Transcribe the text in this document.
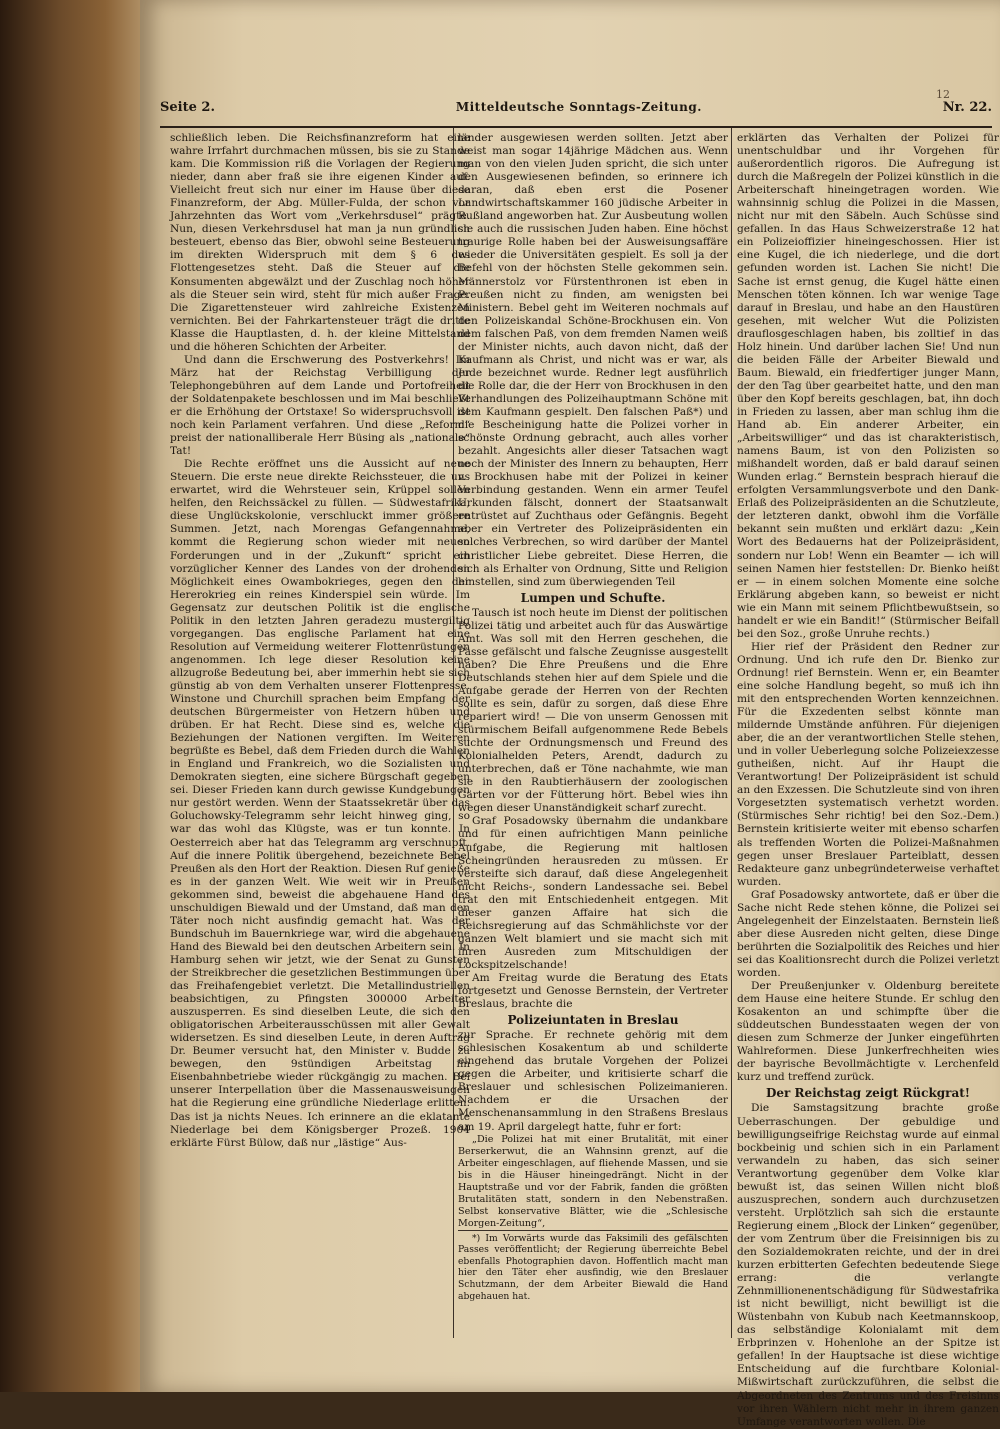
12
Seite 2.	Mitteldeutsche Sonntags-Zeitung.	Nr. 22.

schließlich leben. Die Reichsfinanzreform hat eine wahre Irrfahrt durchmachen müssen, bis sie zu Stande kam. Die Kommission riß die Vorlagen der Regierung nieder, dann aber fraß sie ihre eigenen Kinder auf. Vielleicht freut sich nur einer im Hause über diese Finanzreform, der Abg. Müller-Fulda, der schon vor Jahrzehnten das Wort vom „Verkehrsdusel“ prägte. Nun, diesen Verkehrsdusel hat man ja nun gründlich besteuert, ebenso das Bier, obwohl seine Besteuerung im direkten Widerspruch mit dem § 6 des Flottengesetzes steht. Daß die Steuer auf die Konsumenten abgewälzt und der Zuschlag noch höher als die Steuer sein wird, steht für mich außer Frage. Die Zigarettensteuer wird zahlreiche Existenzen vernichten. Bei der Fahrkartensteuer trägt die dritte Klasse die Hauptlasten, d. h. der kleine Mittelstand und die höheren Schichten der Arbeiter.

Und dann die Erschwerung des Postverkehrs! Im März hat der Reichstag Verbilligung der Telephongebühren auf dem Lande und Portofreiheit der Soldatenpakete beschlossen und im Mai beschließt er die Erhöhung der Ortstaxe! So widerspruchsvoll ist noch kein Parlament verfahren. Und diese „Reform“ preist der nationalliberale Herr Büsing als „nationale“ Tat!

Die Rechte eröffnet uns die Aussicht auf neue Steuern. Die erste neue direkte Reichssteuer, die uns erwartet, wird die Wehrsteuer sein, Krüppel sollen helfen, den Reichssäckel zu füllen. — Südwestafrika, diese Unglückskolonie, verschluckt immer größere Summen. Jetzt, nach Morengas Gefangennahme, kommt die Regierung schon wieder mit neuen Forderungen und in der „Zukunft“ spricht ein vorzüglicher Kenner des Landes von der drohenden Möglichkeit eines Owambokrieges, gegen den der Hererokrieg ein reines Kinderspiel sein würde. Im Gegensatz zur deutschen Politik ist die englische Politik in den letzten Jahren geradezu mustergiltig vorgegangen. Das englische Parlament hat eine Resolution auf Vermeidung weiterer Flottenrüstungen angenommen. Ich lege dieser Resolution keine allzugroße Bedeutung bei, aber immerhin hebt sie sich günstig ab von dem Verhalten unserer Flottenpresse. Winstone und Churchill sprachen beim Empfang der deutschen Bürgermeister von Hetzern hüben und drüben. Er hat Recht. Diese sind es, welche die Beziehungen der Nationen vergiften. Im Weiteren begrüßte es Bebel, daß dem Frieden durch die Wahlen in England und Frankreich, wo die Sozialisten und Demokraten siegten, eine sichere Bürgschaft gegeben sei. Dieser Frieden kann durch gewisse Kundgebungen nur gestört werden. Wenn der Staatssekretär über das Goluchowsky-Telegramm sehr leicht hinweg ging, so war das wohl das Klügste, was er tun konnte. In Oesterreich aber hat das Telegramm arg verschnupft. Auf die innere Politik übergehend, bezeichnete Bebel Preußen als den Hort der Reaktion. Diesen Ruf genieße es in der ganzen Welt. Wie weit wir in Preußen gekommen sind, beweist die abgehauene Hand des unschuldigen Biewald und der Umstand, daß man den Täter noch nicht ausfindig gemacht hat. Was der Bundschuh im Bauernkriege war, wird die abgehauene Hand des Biewald bei den deutschen Arbeitern sein. In Hamburg sehen wir jetzt, wie der Senat zu Gunsten der Streikbrecher die gesetzlichen Bestimmungen über das Freihafengebiet verletzt. Die Metallindustriellen beabsichtigen, zu Pfingsten 300000 Arbeiter auszusperren. Es sind dieselben Leute, die sich den obligatorischen Arbeiterausschüssen mit aller Gewalt widersetzen. Es sind dieselben Leute, in deren Auftrag Dr. Beumer versucht hat, den Minister v. Budde zu bewegen, den 9stündigen Arbeitstag im Eisenbahnbetriebe wieder rückgängig zu machen. Bei unserer Interpellation über die Massenausweisungen hat die Regierung eine gründliche Niederlage erlitten. Das ist ja nichts Neues. Ich erinnere an die eklatante Niederlage bei dem Königsberger Prozeß. 1904 erklärte Fürst Bülow, daß nur „lästige“ Aus-

länder ausgewiesen werden sollten. Jetzt aber weist man sogar 14jährige Mädchen aus. Wenn man von den vielen Juden spricht, die sich unter den Ausgewiesenen befinden, so erinnere ich daran, daß eben erst die Posener Landwirtschaftskammer 160 jüdische Arbeiter in Rußland angeworben hat. Zur Ausbeutung wollen sie auch die russischen Juden haben. Eine höchst traurige Rolle haben bei der Ausweisungsaffäre wieder die Universitäten gespielt. Es soll ja der Befehl von der höchsten Stelle gekommen sein. Männerstolz vor Fürstenthronen ist eben in Preußen nicht zu finden, am wenigsten bei Ministern. Bebel geht im Weiteren nochmals auf den Polizeiskandal Schöne-Brockhusen ein. Von dem falschen Paß, von dem fremden Namen weiß der Minister nichts, auch davon nicht, daß der Kaufmann als Christ, und nicht was er war, als Jude bezeichnet wurde. Redner legt ausführlich die Rolle dar, die der Herr von Brockhusen in den Verhandlungen des Polizeihauptmann Schöne mit dem Kaufmann gespielt. Den falschen Paß*) und die Bescheinigung hatte die Polizei vorher in schönste Ordnung gebracht, auch alles vorher bezahlt. Angesichts aller dieser Tatsachen wagt noch der Minister des Innern zu behaupten, Herr v. Brockhusen habe mit der Polizei in keiner Verbindung gestanden. Wenn ein armer Teufel Urkunden fälscht, donnert der Staatsanwalt entrüstet auf Zuchthaus oder Gefängnis. Begeht aber ein Vertreter des Polizeipräsidenten ein solches Verbrechen, so wird darüber der Mantel christlicher Liebe gebreitet. Diese Herren, die sich als Erhalter von Ordnung, Sitte und Religion hinstellen, sind zum überwiegenden Teil

Lumpen und Schufte.

Tausch ist noch heute im Dienst der politischen Polizei tätig und arbeitet auch für das Auswärtige Amt. Was soll mit den Herren geschehen, die Pässe gefälscht und falsche Zeugnisse ausgestellt haben? Die Ehre Preußens und die Ehre Deutschlands stehen hier auf dem Spiele und die Aufgabe gerade der Herren von der Rechten sollte es sein, dafür zu sorgen, daß diese Ehre repariert wird! — Die von unserm Genossen mit stürmischem Beifall aufgenommene Rede Bebels suchte der Ordnungsmensch und Freund des Kolonialhelden Peters, Arendt, dadurch zu unterbrechen, daß er Töne nachahmte, wie man sie in den Raubtierhäusern der zoologischen Gärten vor der Fütterung hört. Bebel wies ihn wegen dieser Unanständigkeit scharf zurecht.

Graf Posadowsky übernahm die undankbare und für einen aufrichtigen Mann peinliche Aufgabe, die Regierung mit haltlosen Scheingründen herausreden zu müssen. Er versteifte sich darauf, daß diese Angelegenheit nicht Reichs-, sondern Landessache sei. Bebel trat den mit Entschiedenheit entgegen. Mit dieser ganzen Affaire hat sich die Reichsregierung auf das Schmählichste vor der ganzen Welt blamiert und sie macht sich mit ihren Ausreden zum Mitschuldigen der Lockspitzelschande!

Am Freitag wurde die Beratung des Etats fortgesetzt und Genosse Bernstein, der Vertreter Breslaus, brachte die

Polizeiuntaten in Breslau

zur Sprache. Er rechnete gehörig mit dem schlesischen Kosakentum ab und schilderte eingehend das brutale Vorgehen der Polizei gegen die Arbeiter, und kritisierte scharf die Breslauer und schlesischen Polizeimanieren. Nachdem er die Ursachen der Menschenansammlung in den Straßens Breslaus am 19. April dargelegt hatte, fuhr er fort:

„Die Polizei hat mit einer Brutalität, mit einer Berserkerwut, die an Wahnsinn grenzt, auf die Arbeiter eingeschlagen, auf fliehende Massen, und sie bis in die Häuser hineingedrängt. Nicht in der Hauptstraße und vor der Fabrik, fanden die größten Brutalitäten statt, sondern in den Nebenstraßen. Selbst konservative Blätter, wie die „Schlesische Morgen-Zeitung“,

*) Im Vorwärts wurde das Faksimili des gefälschten Passes veröffentlicht; der Regierung überreichte Bebel ebenfalls Photographien davon. Hoffentlich macht man hier den Täter eher ausfindig, wie den Breslauer Schutzmann, der dem Arbeiter Biewald die Hand abgehauen hat.

erklärten das Verhalten der Polizei für unentschuldbar und ihr Vorgehen für außerordentlich rigoros. Die Aufregung ist durch die Maßregeln der Polizei künstlich in die Arbeiterschaft hineingetragen worden. Wie wahnsinnig schlug die Polizei in die Massen, nicht nur mit den Säbeln. Auch Schüsse sind gefallen. In das Haus Schweizerstraße 12 hat ein Polizeioffizier hineingeschossen. Hier ist eine Kugel, die ich niederlege, und die dort gefunden worden ist. Lachen Sie nicht! Die Sache ist ernst genug, die Kugel hätte einen Menschen töten können. Ich war wenige Tage darauf in Breslau, und habe an den Haustüren gesehen, mit welcher Wut die Polizisten drauflosgeschlagen haben, bis zolltief in das Holz hinein. Und darüber lachen Sie! Und nun die beiden Fälle der Arbeiter Biewald und Baum. Biewald, ein friedfertiger junger Mann, der den Tag über gearbeitet hatte, und den man über den Kopf bereits geschlagen, bat, ihn doch in Frieden zu lassen, aber man schlug ihm die Hand ab. Ein anderer Arbeiter, ein „Arbeitswilliger“ und das ist charakteristisch, namens Baum, ist von den Polizisten so mißhandelt worden, daß er bald darauf seinen Wunden erlag.“ Bernstein besprach hierauf die erfolgten Versammlungsverbote und den Dank-Erlaß des Polizeipräsidenten an die Schutzleute, der letzteren dankt, obwohl ihm die Vorfälle bekannt sein mußten und erklärt dazu: „Kein Wort des Bedauerns hat der Polizeipräsident, sondern nur Lob! Wenn ein Beamter — ich will seinen Namen hier feststellen: Dr. Bienko heißt er — in einem solchen Momente eine solche Erklärung abgeben kann, so beweist er nicht wie ein Mann mit seinem Pflichtbewußtsein, so handelt er wie ein Bandit!“ (Stürmischer Beifall bei den Soz., große Unruhe rechts.)

Hier rief der Präsident den Redner zur Ordnung. Und ich rufe den Dr. Bienko zur Ordnung! rief Bernstein. Wenn er, ein Beamter eine solche Handlung begeht, so muß ich ihn mit den entsprechenden Worten kennzeichnen. Für die Exzedenten selbst könnte man mildernde Umstände anführen. Für diejenigen aber, die an der verantwortlichen Stelle stehen, und in voller Ueberlegung solche Polizeiexzesse gutheißen, nicht. Auf ihr Haupt die Verantwortung! Der Polizeipräsident ist schuld an den Exzessen. Die Schutzleute sind von ihren Vorgesetzten systematisch verhetzt worden. (Stürmisches Sehr richtig! bei den Soz.-Dem.) Bernstein kritisierte weiter mit ebenso scharfen als treffenden Worten die Polizei-Maßnahmen gegen unser Breslauer Parteiblatt, dessen Redakteure ganz unbegründeterweise verhaftet wurden.

Graf Posadowsky antwortete, daß er über die Sache nicht Rede stehen könne, die Polizei sei Angelegenheit der Einzelstaaten. Bernstein ließ aber diese Ausreden nicht gelten, diese Dinge berührten die Sozialpolitik des Reiches und hier sei das Koalitionsrecht durch die Polizei verletzt worden.

Der Preußenjunker v. Oldenburg bereitete dem Hause eine heitere Stunde. Er schlug den Kosakenton an und schimpfte über die süddeutschen Bundesstaaten wegen der von diesen zum Schmerze der Junker eingeführten Wahlreformen. Diese Junkerfrechheiten wies der bayrische Bevollmächtigte v. Lerchenfeld kurz und treffend zurück.

Der Reichstag zeigt Rückgrat!

Die Samstagsitzung brachte große Ueberraschungen. Der gebuldige und bewilligungseifrige Reichstag wurde auf einmal bockbeinig und schien sich in ein Parlament verwandeln zu haben, das sich seiner Verantwortung gegenüber dem Volke klar bewußt ist, das seinen Willen nicht bloß auszusprechen, sondern auch durchzusetzen versteht. Urplötzlich sah sich die erstaunte Regierung einem „Block der Linken“ gegenüber, der vom Zentrum über die Freisinnigen bis zu den Sozialdemokraten reichte, und der in drei kurzen erbitterten Gefechten bedeutende Siege errang: die verlangte Zehnmillionenentschädigung für Südwestafrika ist nicht bewilligt, nicht bewilligt ist die Wüstenbahn von Kubub nach Keetmannskoop, das selbständige Kolonialamt mit dem Erbprinzen v. Hohenlohe an der Spitze ist gefallen! In der Hauptsache ist diese wichtige Entscheidung auf die furchtbare Kolonial-Mißwirtschaft zurückzuführen, die selbst die Abgeordneten des Zentrums und des Freisinns vor ihren Wählern nicht mehr in ihrem ganzen Umfange verantworten wollen. Die
